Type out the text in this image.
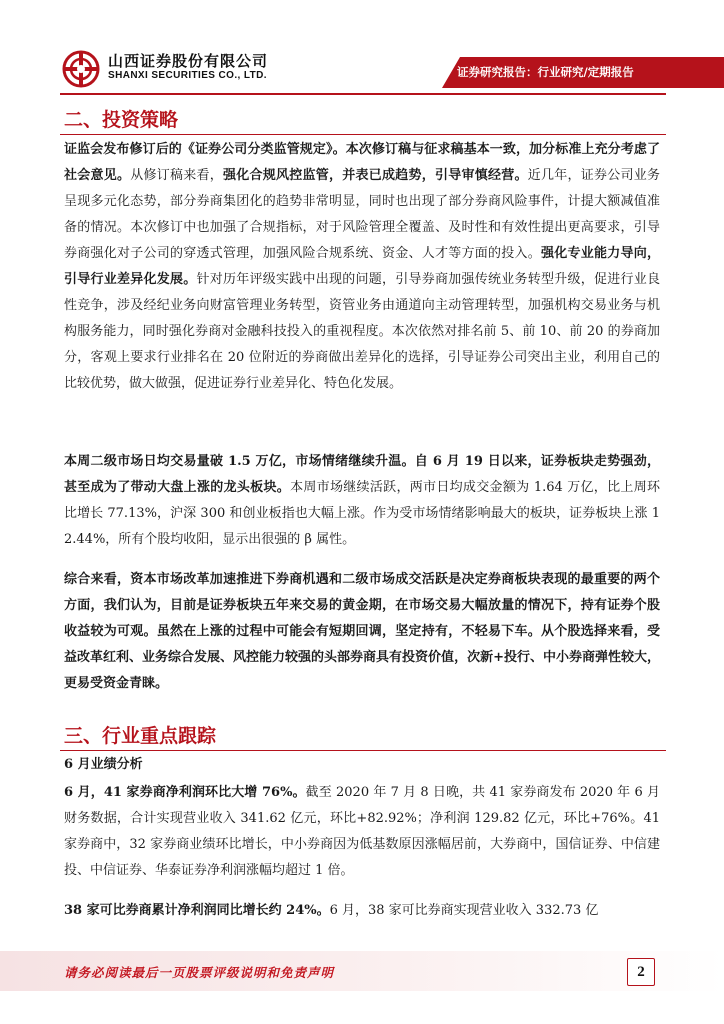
山西证券股份有限公司
SHANXI SECURITIES CO., LTD.	证券研究报告：行业研究/定期报告
二、投资策略

证监会发布修订后的《证券公司分类监管规定》。本次修订稿与征求稿基本一致，加分标准上充分考虑了社会意见。从修订稿来看，强化合规风控监管，并表已成趋势，引导审慎经营。近几年，证券公司业务呈现多元化态势，部分券商集团化的趋势非常明显，同时也出现了部分券商风险事件，计提大额减值准备的情况。本次修订中也加强了合规指标，对于风险管理全覆盖、及时性和有效性提出更高要求，引导券商强化对子公司的穿透式管理，加强风险合规系统、资金、人才等方面的投入。强化专业能力导向，引导行业差异化发展。针对历年评级实践中出现的问题，引导券商加强传统业务转型升级，促进行业良性竞争，涉及经纪业务向财富管理业务转型，资管业务由通道向主动管理转型，加强机构交易业务与机构服务能力，同时强化券商对金融科技投入的重视程度。本次依然对排名前 5、前 10、前 20 的券商加分，客观上要求行业排名在 20 位附近的券商做出差异化的选择，引导证券公司突出主业，利用自己的比较优势，做大做强，促进证券行业差异化、特色化发展。

本周二级市场日均交易量破 1.5 万亿，市场情绪继续升温。自 6 月 19 日以来，证券板块走势强劲，甚至成为了带动大盘上涨的龙头板块。本周市场继续活跃，两市日均成交金额为 1.64 万亿，比上周环比增长 77.13%，沪深 300 和创业板指也大幅上涨。作为受市场情绪影响最大的板块，证券板块上涨 12.44%，所有个股均收阳，显示出很强的 β 属性。

综合来看，资本市场改革加速推进下券商机遇和二级市场成交活跃是决定券商板块表现的最重要的两个方面，我们认为，目前是证券板块五年来交易的黄金期，在市场交易大幅放量的情况下，持有证券个股收益较为可观。虽然在上涨的过程中可能会有短期回调，坚定持有，不轻易下车。从个股选择来看，受益改革红利、业务综合发展、风控能力较强的头部券商具有投资价值，次新+投行、中小券商弹性较大，更易受资金青睐。

三、行业重点跟踪

6 月业绩分析

6 月，41 家券商净利润环比大增 76%。截至 2020 年 7 月 8 日晚，共 41 家券商发布 2020 年 6 月财务数据，合计实现营业收入 341.62 亿元，环比+82.92%；净利润 129.82 亿元，环比+76%。41 家券商中，32 家券商业绩环比增长，中小券商因为低基数原因涨幅居前，大券商中，国信证券、中信建投、中信证券、华泰证券净利润涨幅均超过 1 倍。

38 家可比券商累计净利润同比增长约 24%。6 月，38 家可比券商实现营业收入 332.73 亿

请务必阅读最后一页股票评级说明和免责声明	2
